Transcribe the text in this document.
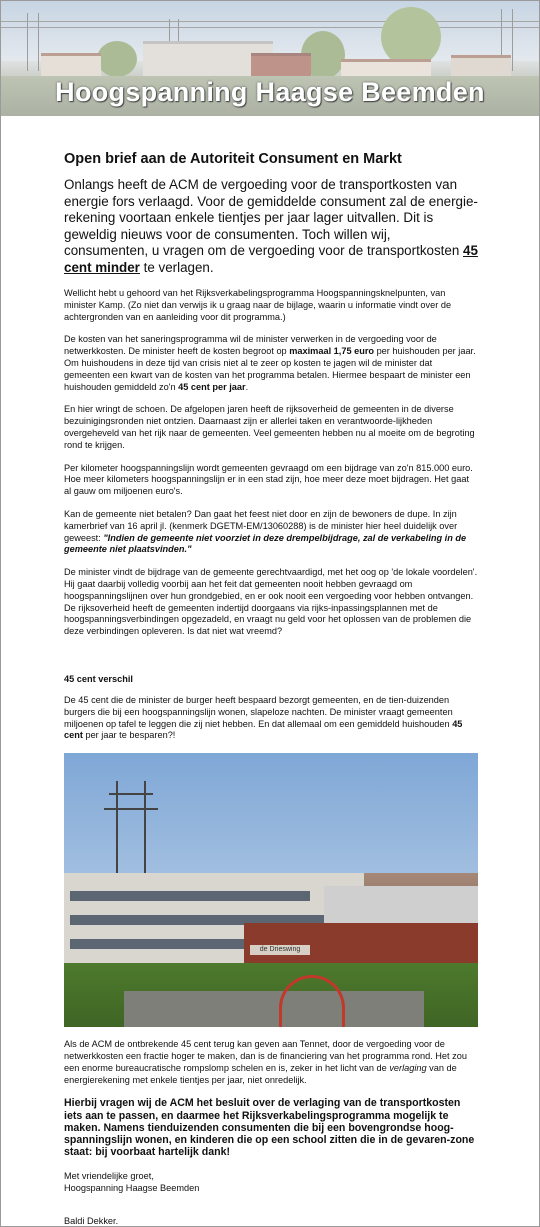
Hoogspanning Haagse Beemden
Open brief aan de Autoriteit Consument en Markt

Onlangs heeft de ACM de vergoeding voor de transportkosten van energie fors verlaagd. Voor de gemiddelde consument zal de energie-rekening voortaan enkele tientjes per jaar lager uitvallen. Dit is geweldig nieuws voor de consumenten. Toch willen wij, consumenten, u vragen om de vergoeding voor de transportkosten 45 cent minder te verlagen.

Wellicht hebt u gehoord van het Rijksverkabelingsprogramma Hoogspanningsknelpunten, van minister Kamp. (Zo niet dan verwijs ik u graag naar de bijlage, waarin u informatie vindt over de achtergronden van en aanleiding voor dit programma.)

De kosten van het saneringsprogramma wil de minister verwerken in de vergoeding voor de netwerkkosten. De minister heeft de kosten begroot op maximaal 1,75 euro per huishouden per jaar. Om huishoudens in deze tijd van crisis niet al te zeer op kosten te jagen wil de minister dat gemeenten een kwart van de kosten van het programma betalen. Hiermee bespaart de minister een huishouden gemiddeld zo'n 45 cent per jaar.

En hier wringt de schoen. De afgelopen jaren heeft de rijksoverheid de gemeenten in de diverse bezuinigingsronden niet ontzien. Daarnaast zijn er allerlei taken en verantwoorde-lijkheden overgeheveld van het rijk naar de gemeenten. Veel gemeenten hebben nu al moeite om de begroting rond te krijgen.

Per kilometer hoogspanningslijn wordt gemeenten gevraagd om een bijdrage van zo'n 815.000 euro. Hoe meer kilometers hoogspanningslijn er in een stad zijn, hoe meer deze moet bijdragen. Het gaat al gauw om miljoenen euro's.

Kan de gemeente niet betalen? Dan gaat het feest niet door en zijn de bewoners de dupe. In zijn kamerbrief van 16 april jl. (kenmerk DGETM-EM/13060288) is de minister hier heel duidelijk over geweest: "Indien de gemeente niet voorziet in deze drempelbijdrage, zal de verkabeling in de gemeente niet plaatsvinden."

De minister vindt de bijdrage van de gemeente gerechtvaardigd, met het oog op 'de lokale voordelen'. Hij gaat daarbij volledig voorbij aan het feit dat gemeenten nooit hebben gevraagd om hoogspanningslijnen over hun grondgebied, en er ook nooit een vergoeding voor hebben ontvangen. De rijksoverheid heeft de gemeenten indertijd doorgaans via rijks-inpassingsplannen met de hoogspanningsverbindingen opgezadeld, en vraagt nu geld voor het oplossen van de problemen die deze verbindingen opleveren. Is dat niet wat vreemd?

45 cent verschil

De 45 cent die de minister de burger heeft bespaard bezorgt gemeenten, en de tien-duizenden burgers die bij een hoogspanningslijn wonen, slapeloze nachten. De minister vraagt gemeenten miljoenen op tafel te leggen die zij niet hebben. En dat allemaal om een gemiddeld huishouden 45 cent per jaar te besparen?!

de Drieswing

Als de ACM de ontbrekende 45 cent terug kan geven aan Tennet, door de vergoeding voor de netwerkkosten een fractie hoger te maken, dan is de financiering van het programma rond. Het zou een enorme bureaucratische rompslomp schelen en is, zeker in het licht van de verlaging van de energierekening met enkele tientjes per jaar, niet onredelijk.

Hierbij vragen wij de ACM het besluit over de verlaging van de transportkosten iets aan te passen, en daarmee het Rijksverkabelingsprogramma mogelijk te maken. Namens tienduizenden consumenten die bij een bovengrondse hoog-spanningslijn wonen, en kinderen die op een school zitten die in de gevaren-zone staat: bij voorbaat hartelijk dank!

Met vriendelijke groet,
Hoogspanning Haagse Beemden
Baldi Dekker.
